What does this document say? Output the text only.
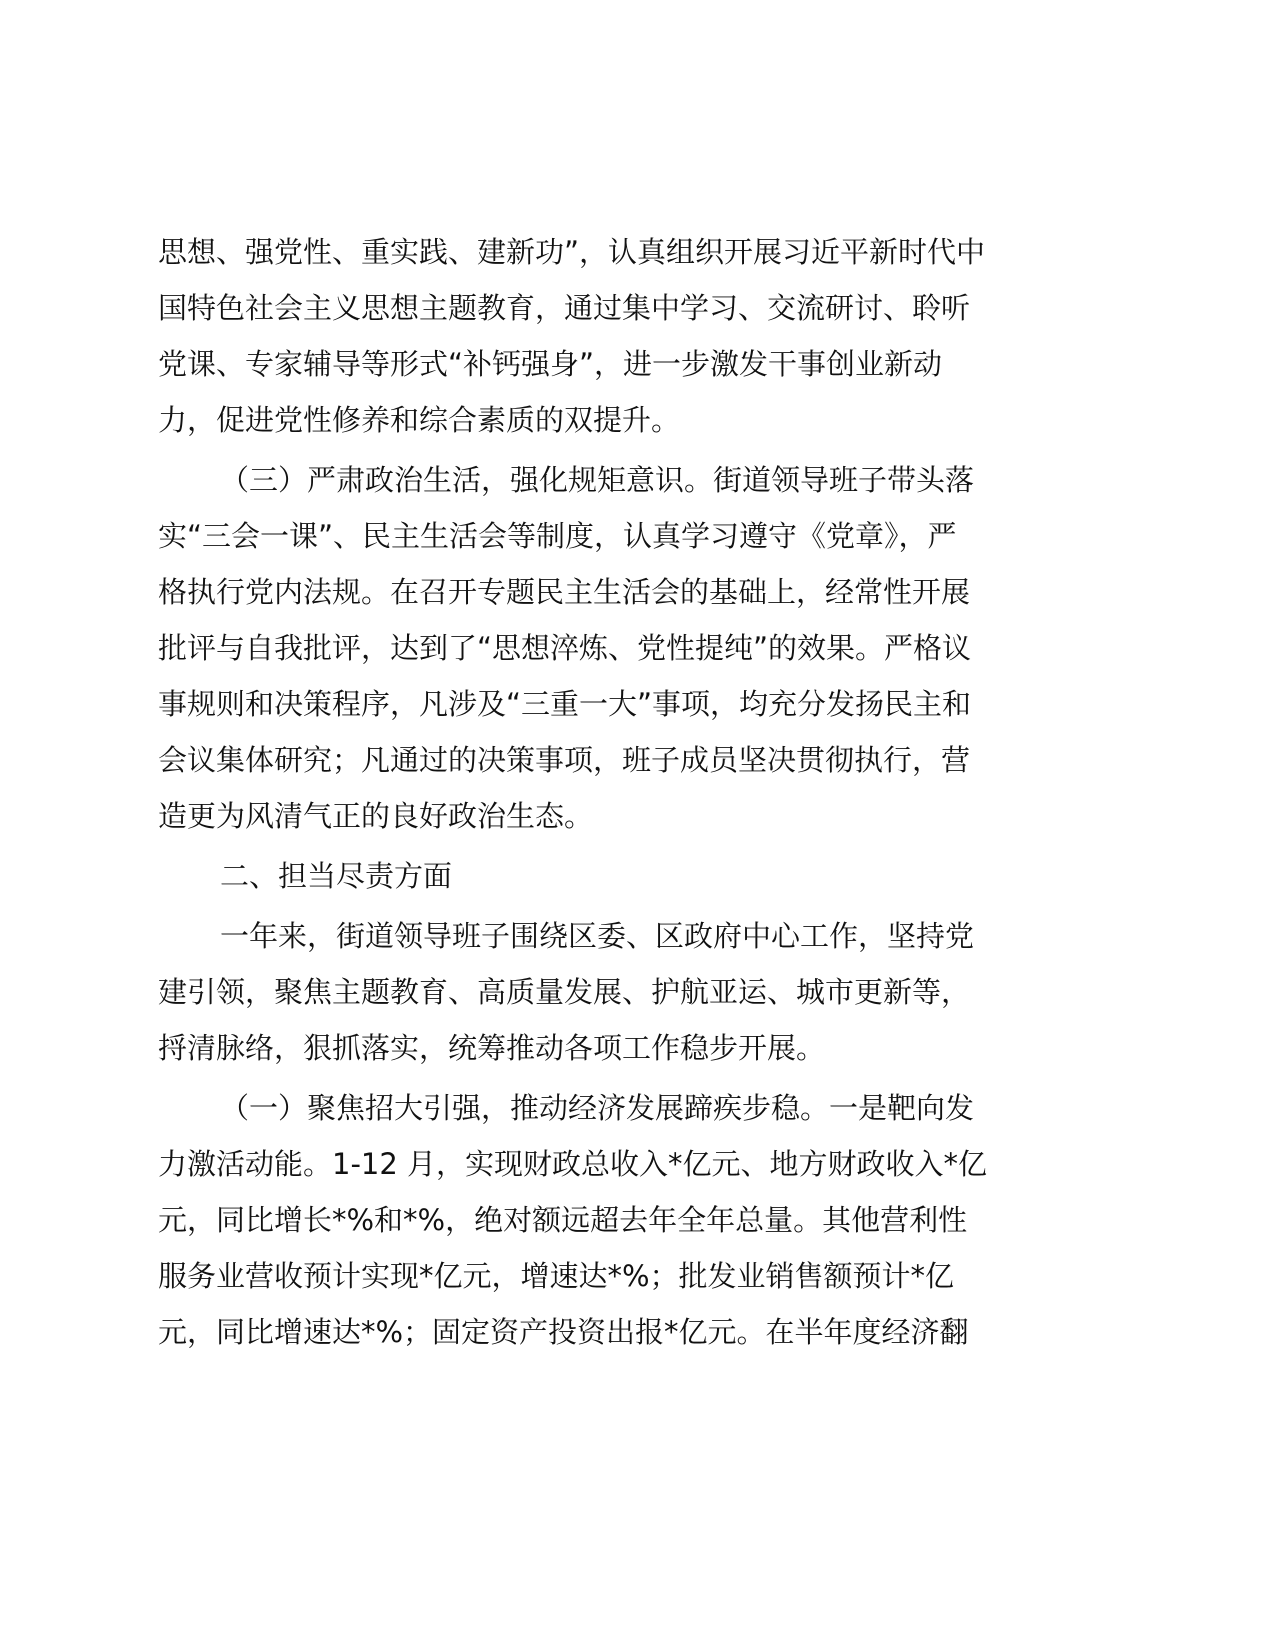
思想、强党性、重实践、建新功”，认真组织开展习近平新时代中
国特色社会主义思想主题教育，通过集中学习、交流研讨、聆听
党课、专家辅导等形式“补钙强身”，进一步激发干事创业新动
力，促进党性修养和综合素质的双提升。
（三）严肃政治生活，强化规矩意识。街道领导班子带头落
实“三会一课”、民主生活会等制度，认真学习遵守《党章》，严
格执行党内法规。在召开专题民主生活会的基础上，经常性开展
批评与自我批评，达到了“思想淬炼、党性提纯”的效果。严格议
事规则和决策程序，凡涉及“三重一大”事项，均充分发扬民主和
会议集体研究；凡通过的决策事项，班子成员坚决贯彻执行，营
造更为风清气正的良好政治生态。
二、担当尽责方面
一年来，街道领导班子围绕区委、区政府中心工作，坚持党
建引领，聚焦主题教育、高质量发展、护航亚运、城市更新等，
捋清脉络，狠抓落实，统筹推动各项工作稳步开展。
（一）聚焦招大引强，推动经济发展蹄疾步稳。一是靶向发
力激活动能。1-12 月，实现财政总收入*亿元、地方财政收入*亿
元，同比增长*%和*%，绝对额远超去年全年总量。其他营利性
服务业营收预计实现*亿元，增速达*%；批发业销售额预计*亿
元，同比增速达*%；固定资产投资出报*亿元。在半年度经济翻
